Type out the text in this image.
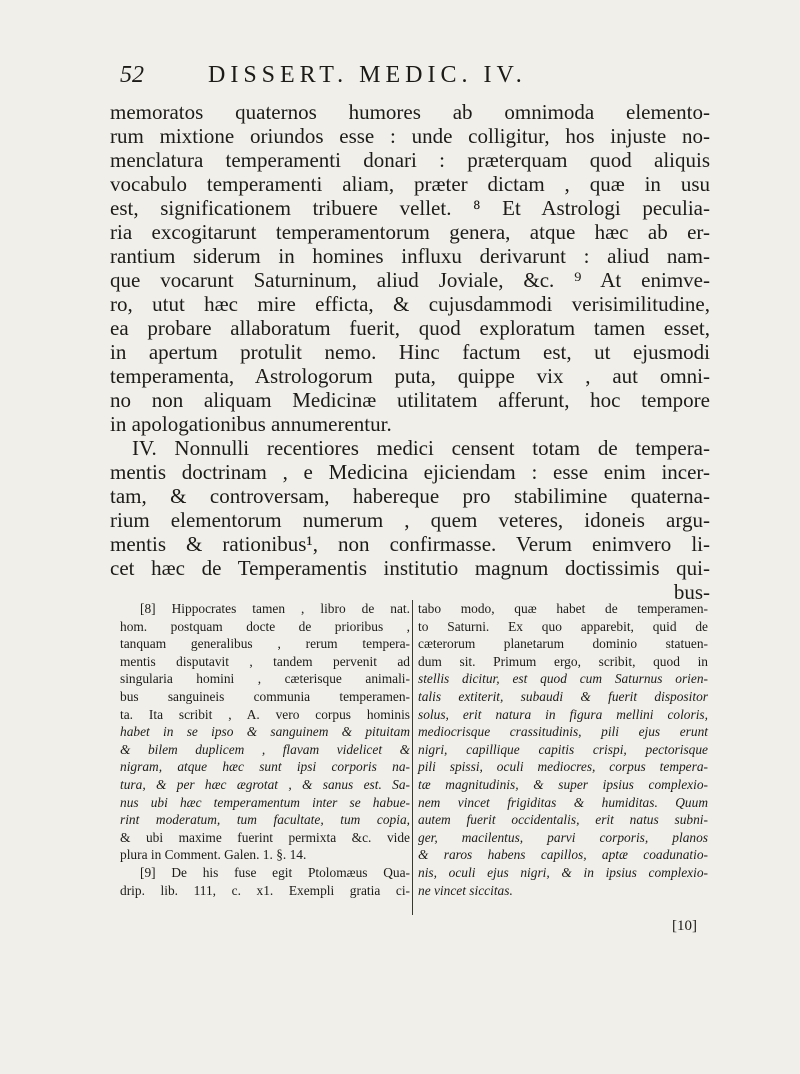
52	DISSERT. MEDIC. IV.
memoratos quaternos humores ab omnimoda elemento-
rum mixtione oriundos esse : unde colligitur, hos injuste no-
menclatura temperamenti donari : præterquam quod aliquis
vocabulo temperamenti aliam, præter dictam , quæ in usu
est, significationem tribuere vellet. ⁸ Et Astrologi peculia-
ria excogitarunt temperamentorum genera, atque hæc ab er-
rantium siderum in homines influxu derivarunt : aliud nam-
que vocarunt Saturninum, aliud Joviale, &c. ⁹ At enimve-
ro, utut hæc mire efficta, & cujusdammodi verisimilitudine,
ea probare allaboratum fuerit, quod exploratum tamen esset,
in apertum protulit nemo. Hinc factum est, ut ejusmodi
temperamenta, Astrologorum puta, quippe vix , aut omni-
no non aliquam Medicinæ utilitatem afferunt, hoc tempore
in apologationibus annumerentur.
IV. Nonnulli recentiores medici censent totam de tempera-
mentis doctrinam , e Medicina ejiciendam : esse enim incer-
tam, & controversam, habereque pro stabilimine quaterna-
rium elementorum numerum , quem veteres, idoneis argu-
mentis & rationibus¹, non confirmasse. Verum enimvero li-
cet hæc de Temperamentis institutio magnum doctissimis qui-
bus-
[8] Hippocrates tamen , libro de nat.
hom. postquam docte de prioribus ,
tanquam generalibus , rerum tempera-
mentis disputavit , tandem pervenit ad
singularia homini , cæterisque animali-
bus sanguineis communia temperamen-
ta. Ita scribit , A. vero corpus hominis
habet in se ipso & sanguinem & pituitam
& bilem duplicem , flavam videlicet &
nigram, atque hæc sunt ipsi corporis na-
tura, & per hæc ægrotat , & sanus est. Sa-
nus ubi hæc temperamentum inter se habue-
rint moderatum, tum facultate, tum copia,
& ubi maxime fuerint permixta &c. vide
plura in Comment. Galen. 1. §. 14.
[9] De his fuse egit Ptolomæus Qua-
drip. lib. 111, c. x1. Exempli gratia ci-
tabo modo, quæ habet de temperamen-
to Saturni. Ex quo apparebit, quid de
cæterorum planetarum dominio statuen-
dum sit. Primum ergo, scribit, quod in
stellis dicitur, est quod cum Saturnus orien-
talis extiterit, subaudi & fuerit dispositor
solus, erit natura in figura mellini coloris,
mediocrisque crassitudinis, pili ejus erunt
nigri, capillique capitis crispi, pectorisque
pili spissi, oculi mediocres, corpus tempera-
tæ magnitudinis, & super ipsius complexio-
nem vincet frigiditas & humiditas. Quum
autem fuerit occidentalis, erit natus subni-
ger, macilentus, parvi corporis, planos
& raros habens capillos, aptæ coadunatio-
nis, oculi ejus nigri, & in ipsius complexio-
ne vincet siccitas.
[10]
